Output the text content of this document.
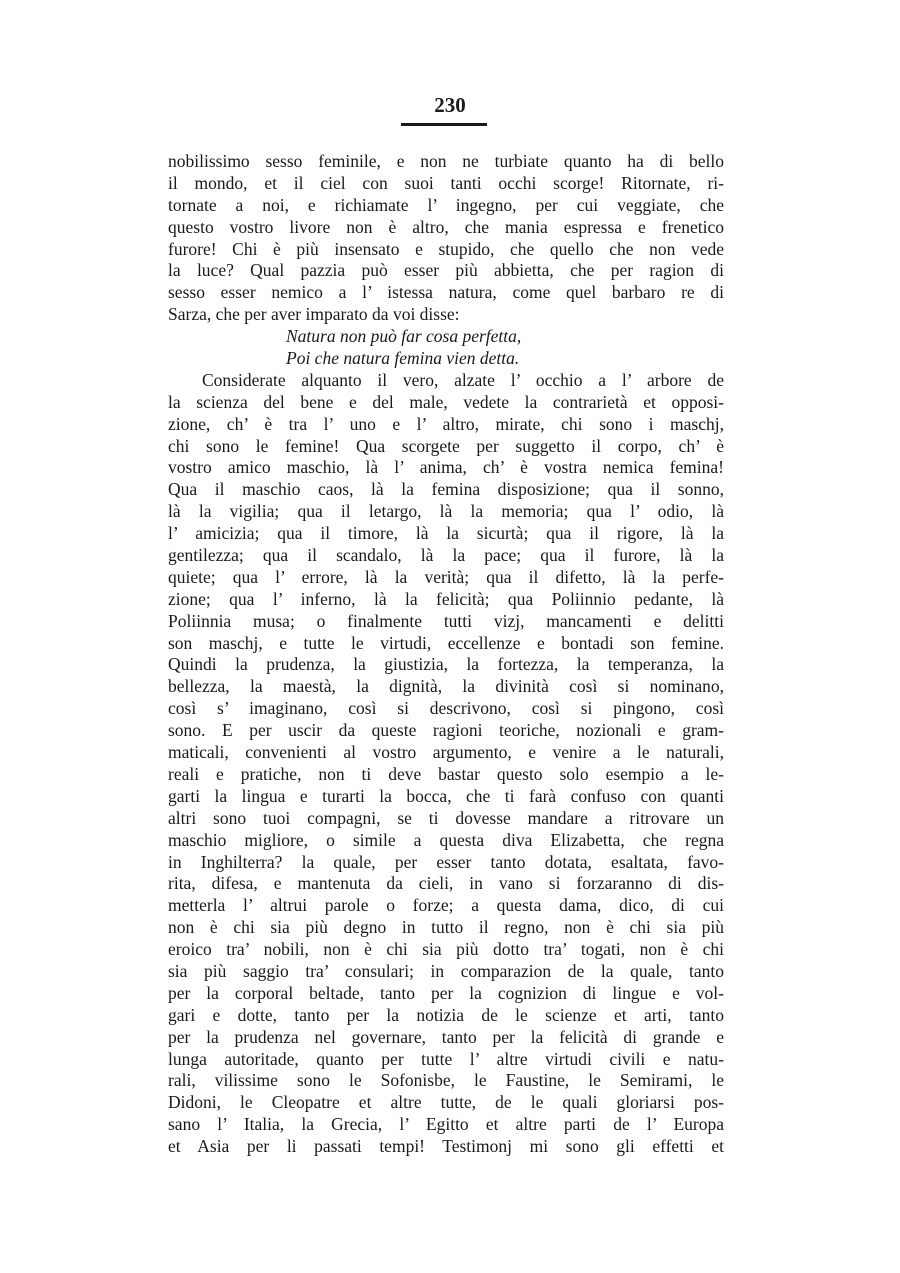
230
nobilissimo sesso feminile, e non ne turbiate quanto ha di bello
il mondo, et il ciel con suoi tanti occhi scorge! Ritornate, ri-
tornate a noi, e richiamate l’ ingegno, per cui veggiate, che
questo vostro livore non è altro, che mania espressa e frenetico
furore! Chi è più insensato e stupido, che quello che non vede
la luce? Qual pazzia può esser più abbietta, che per ragion di
sesso esser nemico a l’ istessa natura, come quel barbaro re di
Sarza, che per aver imparato da voi disse:
Natura non può far cosa perfetta,
Poi che natura femina vien detta.
Considerate alquanto il vero, alzate l’ occhio a l’ arbore de
la scienza del bene e del male, vedete la contrarietà et opposi-
zione, ch’ è tra l’ uno e l’ altro, mirate, chi sono i maschj,
chi sono le femine! Qua scorgete per suggetto il corpo, ch’ è
vostro amico maschio, là l’ anima, ch’ è vostra nemica femina!
Qua il maschio caos, là la femina disposizione; qua il sonno,
là la vigilia; qua il letargo, là la memoria; qua l’ odio, là
l’ amicizia; qua il timore, là la sicurtà; qua il rigore, là la
gentilezza; qua il scandalo, là la pace; qua il furore, là la
quiete; qua l’ errore, là la verità; qua il difetto, là la perfe-
zione; qua l’ inferno, là la felicità; qua Poliinnio pedante, là
Poliinnia musa; o finalmente tutti vizj, mancamenti e delitti
son maschj, e tutte le virtudi, eccellenze e bontadi son femine.
Quindi la prudenza, la giustizia, la fortezza, la temperanza, la
bellezza, la maestà, la dignità, la divinità così si nominano,
così s’ imaginano, così si descrivono, così si pingono, così
sono. E per uscir da queste ragioni teoriche, nozionali e gram-
maticali, convenienti al vostro argumento, e venire a le naturali,
reali e pratiche, non ti deve bastar questo solo esempio a le-
garti la lingua e turarti la bocca, che ti farà confuso con quanti
altri sono tuoi compagni, se ti dovesse mandare a ritrovare un
maschio migliore, o simile a questa diva Elizabetta, che regna
in Inghilterra? la quale, per esser tanto dotata, esaltata, favo-
rita, difesa, e mantenuta da cieli, in vano si forzaranno di dis-
metterla l’ altrui parole o forze; a questa dama, dico, di cui
non è chi sia più degno in tutto il regno, non è chi sia più
eroico tra’ nobili, non è chi sia più dotto tra’ togati, non è chi
sia più saggio tra’ consulari; in comparazion de la quale, tanto
per la corporal beltade, tanto per la cognizion di lingue e vol-
gari e dotte, tanto per la notizia de le scienze et arti, tanto
per la prudenza nel governare, tanto per la felicità di grande e
lunga autoritade, quanto per tutte l’ altre virtudi civili e natu-
rali, vilissime sono le Sofonisbe, le Faustine, le Semirami, le
Didoni, le Cleopatre et altre tutte, de le quali gloriarsi pos-
sano l’ Italia, la Grecia, l’ Egitto et altre parti de l’ Europa
et Asia per li passati tempi! Testimonj mi sono gli effetti et
